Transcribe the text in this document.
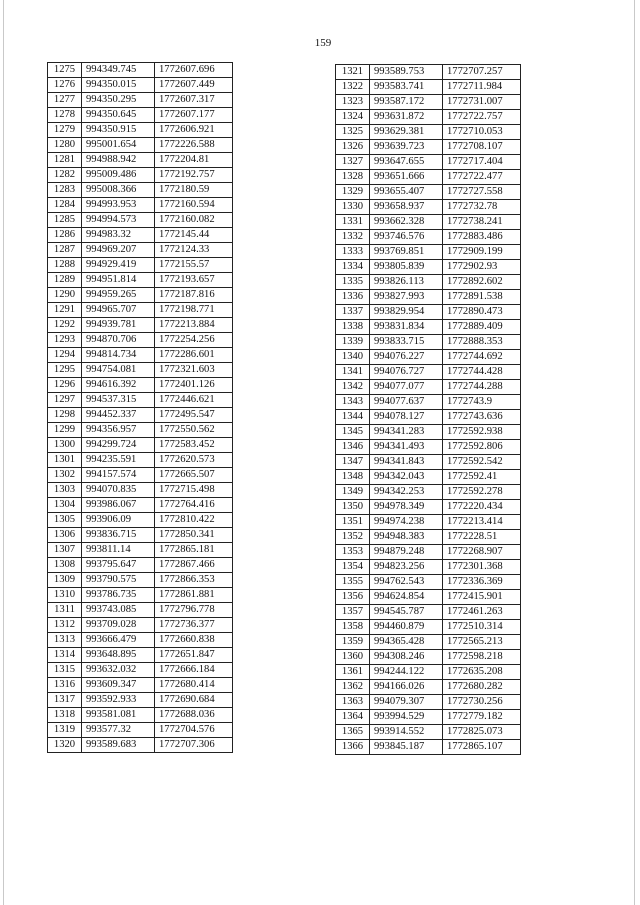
159
1275	994349.745	1772607.696
1276	994350.015	1772607.449
1277	994350.295	1772607.317
1278	994350.645	1772607.177
1279	994350.915	1772606.921
1280	995001.654	1772226.588
1281	994988.942	1772204.81
1282	995009.486	1772192.757
1283	995008.366	1772180.59
1284	994993.953	1772160.594
1285	994994.573	1772160.082
1286	994983.32	1772145.44
1287	994969.207	1772124.33
1288	994929.419	1772155.57
1289	994951.814	1772193.657
1290	994959.265	1772187.816
1291	994965.707	1772198.771
1292	994939.781	1772213.884
1293	994870.706	1772254.256
1294	994814.734	1772286.601
1295	994754.081	1772321.603
1296	994616.392	1772401.126
1297	994537.315	1772446.621
1298	994452.337	1772495.547
1299	994356.957	1772550.562
1300	994299.724	1772583.452
1301	994235.591	1772620.573
1302	994157.574	1772665.507
1303	994070.835	1772715.498
1304	993986.067	1772764.416
1305	993906.09	1772810.422
1306	993836.715	1772850.341
1307	993811.14	1772865.181
1308	993795.647	1772867.466
1309	993790.575	1772866.353
1310	993786.735	1772861.881
1311	993743.085	1772796.778
1312	993709.028	1772736.377
1313	993666.479	1772660.838
1314	993648.895	1772651.847
1315	993632.032	1772666.184
1316	993609.347	1772680.414
1317	993592.933	1772690.684
1318	993581.081	1772688.036
1319	993577.32	1772704.576
1320	993589.683	1772707.306
1321	993589.753	1772707.257
1322	993583.741	1772711.984
1323	993587.172	1772731.007
1324	993631.872	1772722.757
1325	993629.381	1772710.053
1326	993639.723	1772708.107
1327	993647.655	1772717.404
1328	993651.666	1772722.477
1329	993655.407	1772727.558
1330	993658.937	1772732.78
1331	993662.328	1772738.241
1332	993746.576	1772883.486
1333	993769.851	1772909.199
1334	993805.839	1772902.93
1335	993826.113	1772892.602
1336	993827.993	1772891.538
1337	993829.954	1772890.473
1338	993831.834	1772889.409
1339	993833.715	1772888.353
1340	994076.227	1772744.692
1341	994076.727	1772744.428
1342	994077.077	1772744.288
1343	994077.637	1772743.9
1344	994078.127	1772743.636
1345	994341.283	1772592.938
1346	994341.493	1772592.806
1347	994341.843	1772592.542
1348	994342.043	1772592.41
1349	994342.253	1772592.278
1350	994978.349	1772220.434
1351	994974.238	1772213.414
1352	994948.383	1772228.51
1353	994879.248	1772268.907
1354	994823.256	1772301.368
1355	994762.543	1772336.369
1356	994624.854	1772415.901
1357	994545.787	1772461.263
1358	994460.879	1772510.314
1359	994365.428	1772565.213
1360	994308.246	1772598.218
1361	994244.122	1772635.208
1362	994166.026	1772680.282
1363	994079.307	1772730.256
1364	993994.529	1772779.182
1365	993914.552	1772825.073
1366	993845.187	1772865.107
